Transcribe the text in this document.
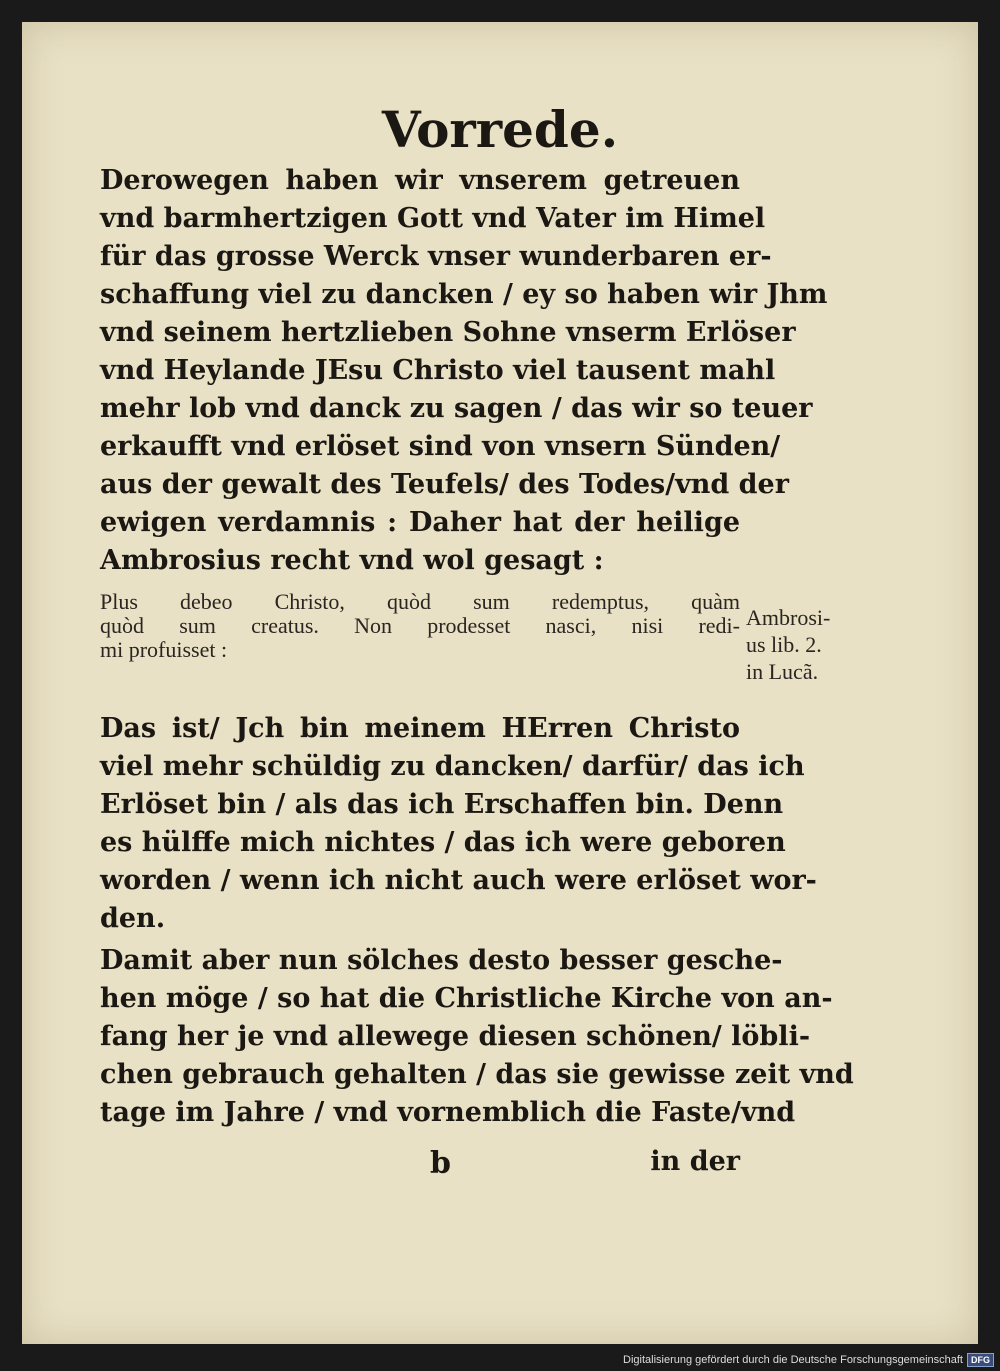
Vorrede.
Derowegen haben wir vnserem getreuen
vnd barmhertzigen Gott vnd Vater im Himel
für das grosse Werck vnser wunderbaren er-
schaffung viel zu dancken / ey so haben wir Jhm
vnd seinem hertzlieben Sohne vnserm Erlöser
vnd Heylande JEsu Christo viel tausent mahl
mehr lob vnd danck zu sagen / das wir so teuer
erkaufft vnd erlöset sind von vnsern Sünden/
aus der gewalt des Teufels/ des Todes/vnd der
ewigen verdamnis : Daher hat der heilige
Ambrosius recht vnd wol gesagt :
Plus debeo Christo, quòd sum redemptus, quàm
quòd sum creatus. Non prodesset nasci, nisi redi-
mi profuisset :
Ambrosi-
us lib. 2.
in Lucã.
Das ist/ Jch bin meinem HErren Christo
viel mehr schüldig zu dancken/ darfür/ das ich
Erlöset bin / als das ich Erschaffen bin. Denn
es hülffe mich nichtes / das ich were geboren
worden / wenn ich nicht auch were erlöset wor-
den.
Damit aber nun sölches desto besser gesche-
hen möge / so hat die Christliche Kirche von an-
fang her je vnd allewege diesen schönen/ löbli-
chen gebrauch gehalten / das sie gewisse zeit vnd
tage im Jahre / vnd vornemblich die Faste/vnd
b	in der
Digitalisierung gefördert durch die Deutsche Forschungsgemeinschaft DFG
